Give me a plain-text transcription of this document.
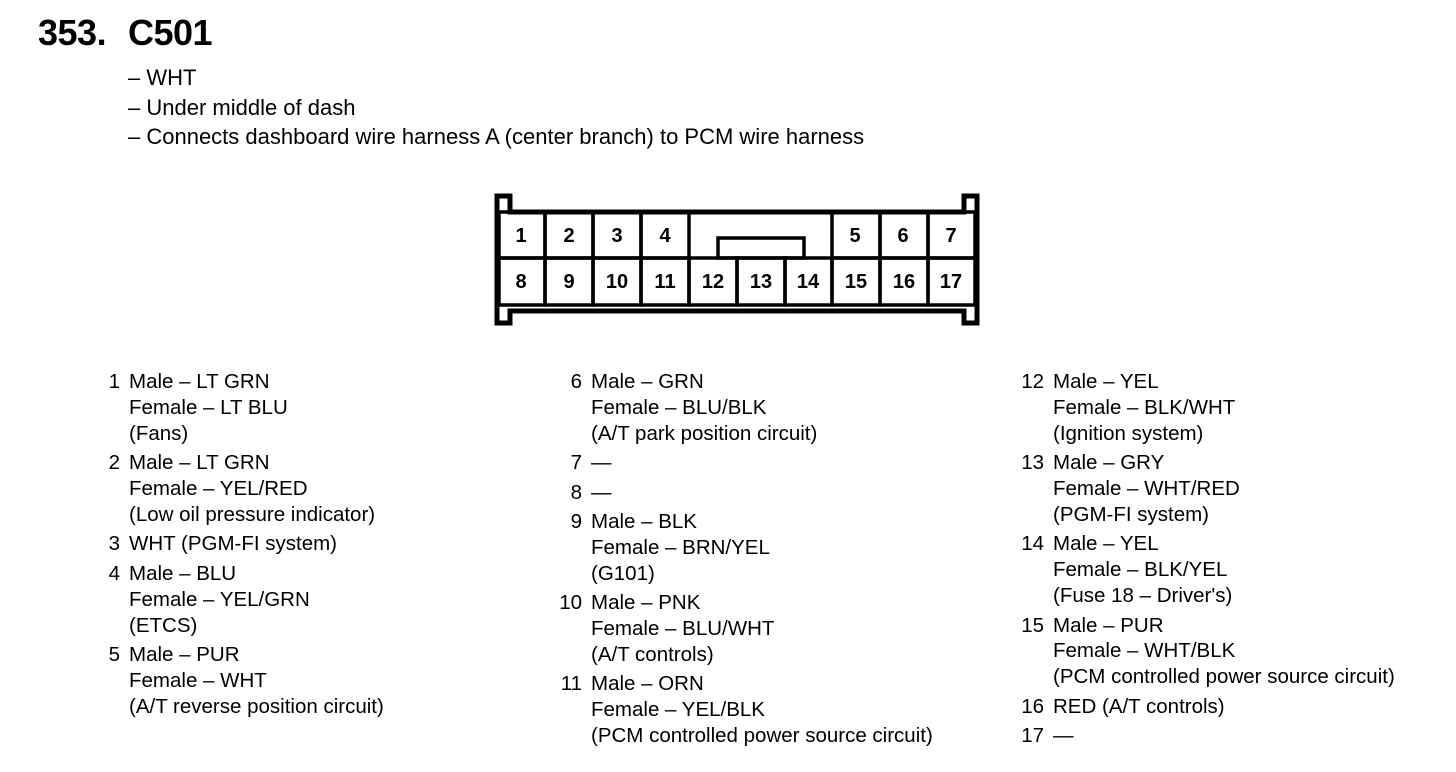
353. C501
– WHT
– Under middle of dash
– Connects dashboard wire harness A (center branch) to PCM wire harness
1 2 3 4	5 6 7
8 9 10 11 12 13 14 15 16 17
1 Male – LT GRN
Female – LT BLU
(Fans)
2 Male – LT GRN
Female – YEL/RED
(Low oil pressure indicator)
3 WHT (PGM-FI system)
4 Male – BLU
Female – YEL/GRN
(ETCS)
5 Male – PUR
Female – WHT
(A/T reverse position circuit)
6 Male – GRN
Female – BLU/BLK
(A/T park position circuit)
7 —
8 —
9 Male – BLK
Female – BRN/YEL
(G101)
10 Male – PNK
Female – BLU/WHT
(A/T controls)
11 Male – ORN
Female – YEL/BLK
(PCM controlled power source circuit)
12 Male – YEL
Female – BLK/WHT
(Ignition system)
13 Male – GRY
Female – WHT/RED
(PGM-FI system)
14 Male – YEL
Female – BLK/YEL
(Fuse 18 – Driver's)
15 Male – PUR
Female – WHT/BLK
(PCM controlled power source circuit)
16 RED (A/T controls)
17 —
